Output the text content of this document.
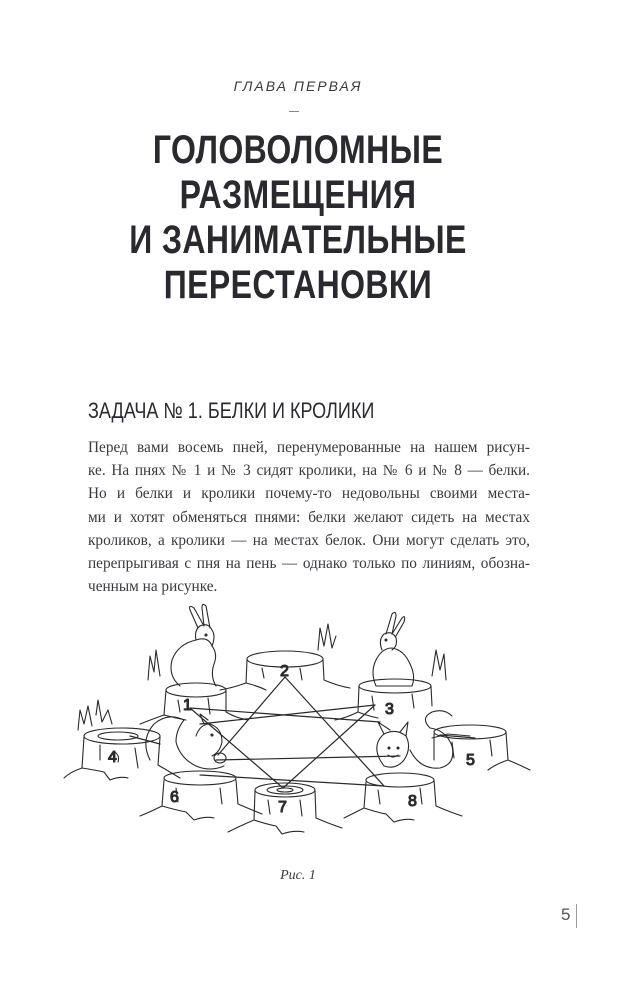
ГЛАВА ПЕРВАЯ
ГОЛОВОЛОМНЫЕ
РАЗМЕЩЕНИЯ
И ЗАНИМАТЕЛЬНЫЕ
ПЕРЕСТАНОВКИ
ЗАДАЧА № 1. БЕЛКИ И КРОЛИКИ
Перед вами восемь пней, перенумерованные на нашем рисун-
ке. На пнях № 1 и № 3 сидят кролики, на № 6 и № 8 — белки.
Но и белки и кролики почему-то недовольны своими места-
ми и хотят обменяться пнями: белки желают сидеть на местах
кроликов, а кролики — на местах белок. Они могут сделать это,
перепрыгивая с пня на пень — однако только по линиям, обозна-
ченным на рисунке.
1
2
3
4	5
6
7	8
Рис. 1
5
